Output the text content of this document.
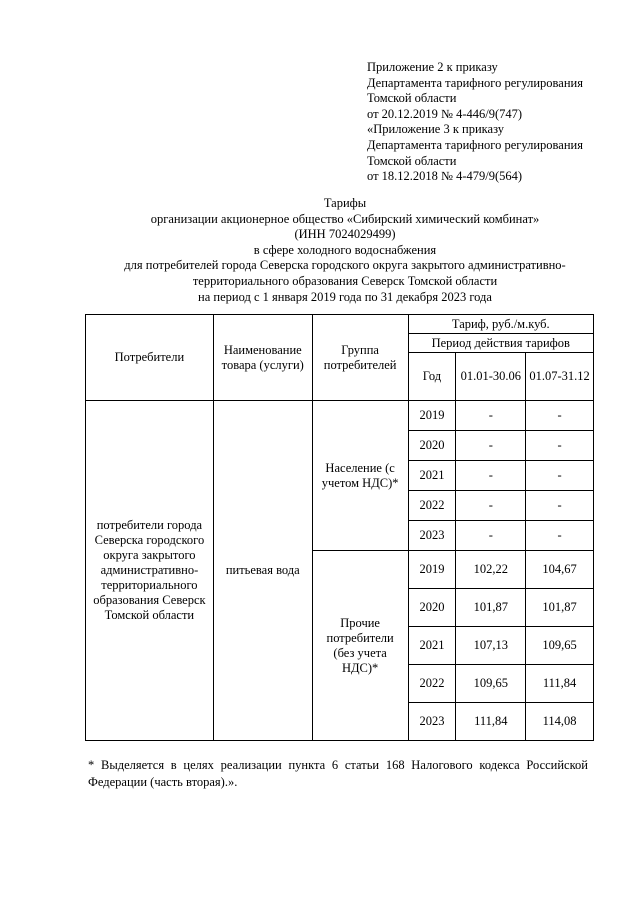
Приложение 2 к приказу
Департамента тарифного регулирования
Томской области
от 20.12.2019 № 4-446/9(747)
«Приложение 3 к приказу
Департамента тарифного регулирования
Томской области
от 18.12.2018 № 4-479/9(564)
Тарифы
организации акционерное общество «Сибирский химический комбинат»
(ИНН 7024029499)
в сфере холодного водоснабжения
для потребителей города Северска городского округа закрытого административно-
территориального образования Северск Томской области
на период с 1 января 2019 года по 31 декабря 2023 года
Потребители	Наименование товара (услуги)	Группа потребителей	Тариф, руб./м.куб.		
			Период действия тарифов		
			Год	01.01-30.06	01.07-31.12
потребители города Северска городского округа закрытого административно-территориального образования Северск Томской области	питьевая вода	Население (с учетом НДС)*	2019	-	-
			2020	-	-
			2021	-	-
			2022	-	-
			2023	-	-
		Прочие потребители (без учета НДС)*	2019	102,22	104,67
			2020	101,87	101,87
			2021	107,13	109,65
			2022	109,65	111,84
			2023	111,84	114,08
* Выделяется в целях реализации пункта 6 статьи 168 Налогового кодекса Российской Федерации (часть вторая).».
